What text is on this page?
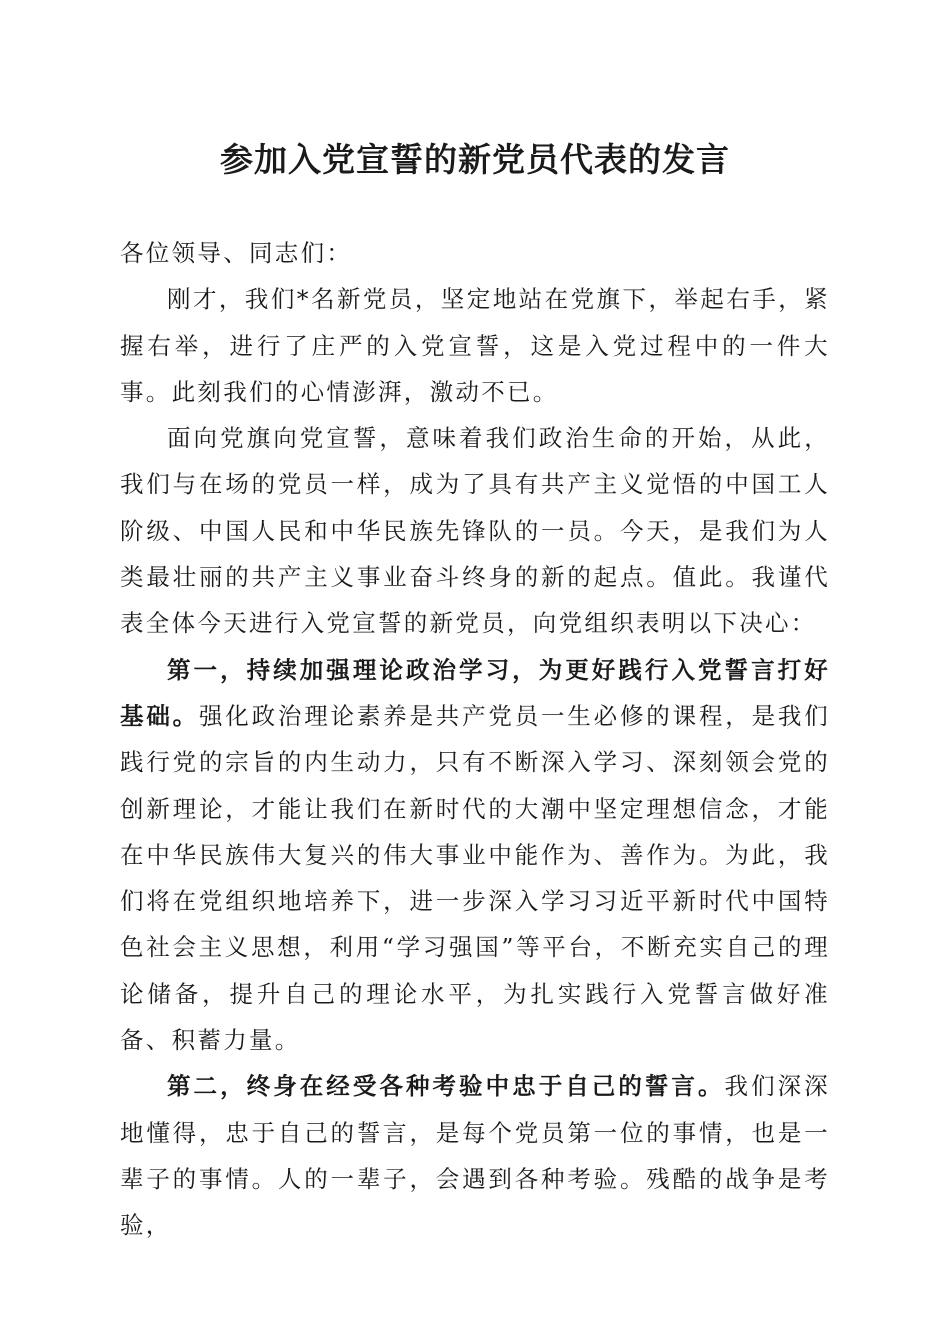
参加入党宣誓的新党员代表的发言

各位领导、同志们：

刚才，我们*名新党员，坚定地站在党旗下，举起右手，紧握右举，进行了庄严的入党宣誓，这是入党过程中的一件大事。此刻我们的心情澎湃，激动不已。

面向党旗向党宣誓，意味着我们政治生命的开始，从此，我们与在场的党员一样，成为了具有共产主义觉悟的中国工人阶级、中国人民和中华民族先锋队的一员。今天，是我们为人类最壮丽的共产主义事业奋斗终身的新的起点。值此。我谨代表全体今天进行入党宣誓的新党员，向党组织表明以下决心：

第一，持续加强理论政治学习，为更好践行入党誓言打好基础。强化政治理论素养是共产党员一生必修的课程，是我们践行党的宗旨的内生动力，只有不断深入学习、深刻领会党的创新理论，才能让我们在新时代的大潮中坚定理想信念，才能在中华民族伟大复兴的伟大事业中能作为、善作为。为此，我们将在党组织地培养下，进一步深入学习习近平新时代中国特色社会主义思想，利用“学习强国”等平台，不断充实自己的理论储备，提升自己的理论水平，为扎实践行入党誓言做好准备、积蓄力量。

第二，终身在经受各种考验中忠于自己的誓言。我们深深地懂得，忠于自己的誓言，是每个党员第一位的事情，也是一辈子的事情。人的一辈子，会遇到各种考验。残酷的战争是考验，
